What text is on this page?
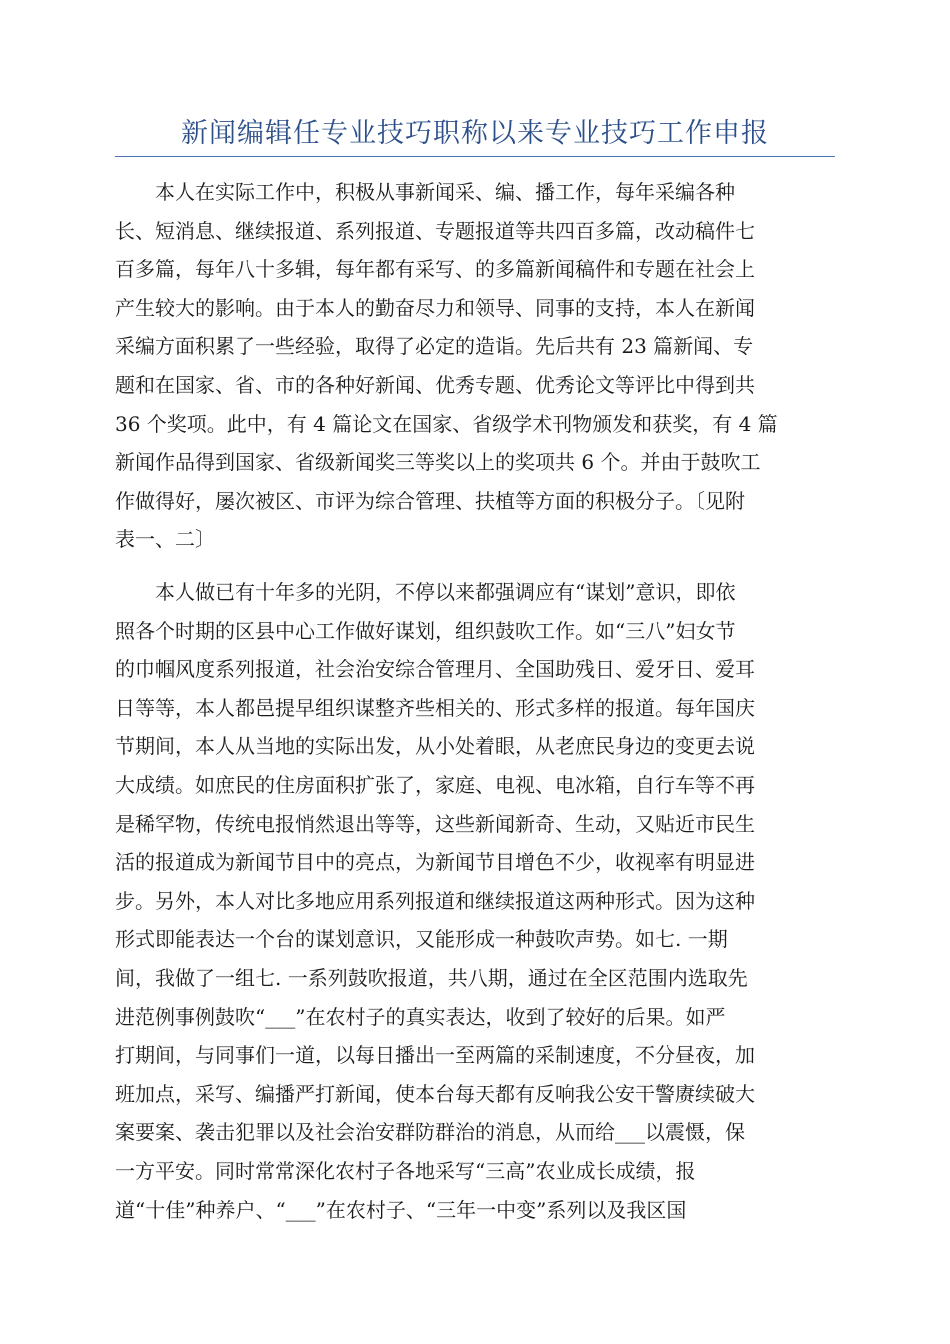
新闻编辑任专业技巧职称以来专业技巧工作申报
　　本人在实际工作中，积极从事新闻采、编、播工作，每年采编各种
长、短消息、继续报道、系列报道、专题报道等共四百多篇，改动稿件七
百多篇，每年八十多辑，每年都有采写、的多篇新闻稿件和专题在社会上
产生较大的影响。由于本人的勤奋尽力和领导、同事的支持，本人在新闻
采编方面积累了一些经验，取得了必定的造诣。先后共有 23 篇新闻、专
题和在国家、省、市的各种好新闻、优秀专题、优秀论文等评比中得到共
36 个奖项。此中，有 4 篇论文在国家、省级学术刊物颁发和获奖，有 4 篇
新闻作品得到国家、省级新闻奖三等奖以上的奖项共 6 个。并由于鼓吹工
作做得好，屡次被区、市评为综合管理、扶植等方面的积极分子。〔见附
表一、二〕
　　本人做已有十年多的光阴，不停以来都强调应有“谋划”意识，即依
照各个时期的区县中心工作做好谋划，组织鼓吹工作。如“三八”妇女节
的巾帼风度系列报道，社会治安综合管理月、全国助残日、爱牙日、爱耳
日等等，本人都邑提早组织谋整齐些相关的、形式多样的报道。每年国庆
节期间，本人从当地的实际出发，从小处着眼，从老庶民身边的变更去说
大成绩。如庶民的住房面积扩张了，家庭、电视、电冰箱，自行车等不再
是稀罕物，传统电报悄然退出等等，这些新闻新奇、生动，又贴近市民生
活的报道成为新闻节目中的亮点，为新闻节目增色不少，收视率有明显进
步。另外，本人对比多地应用系列报道和继续报道这两种形式。因为这种
形式即能表达一个台的谋划意识，又能形成一种鼓吹声势。如七. 一期
间，我做了一组七. 一系列鼓吹报道，共八期，通过在全区范围内选取先
进范例事例鼓吹“___”在农村子的真实表达，收到了较好的后果。如严
打期间，与同事们一道，以每日播出一至两篇的采制速度，不分昼夜，加
班加点，采写、编播严打新闻，使本台每天都有反响我公安干警赓续破大
案要案、袭击犯罪以及社会治安群防群治的消息，从而给___以震慑，保
一方平安。同时常常深化农村子各地采写“三高”农业成长成绩，报
道“十佳”种养户、“___”在农村子、“三年一中变”系列以及我区国
